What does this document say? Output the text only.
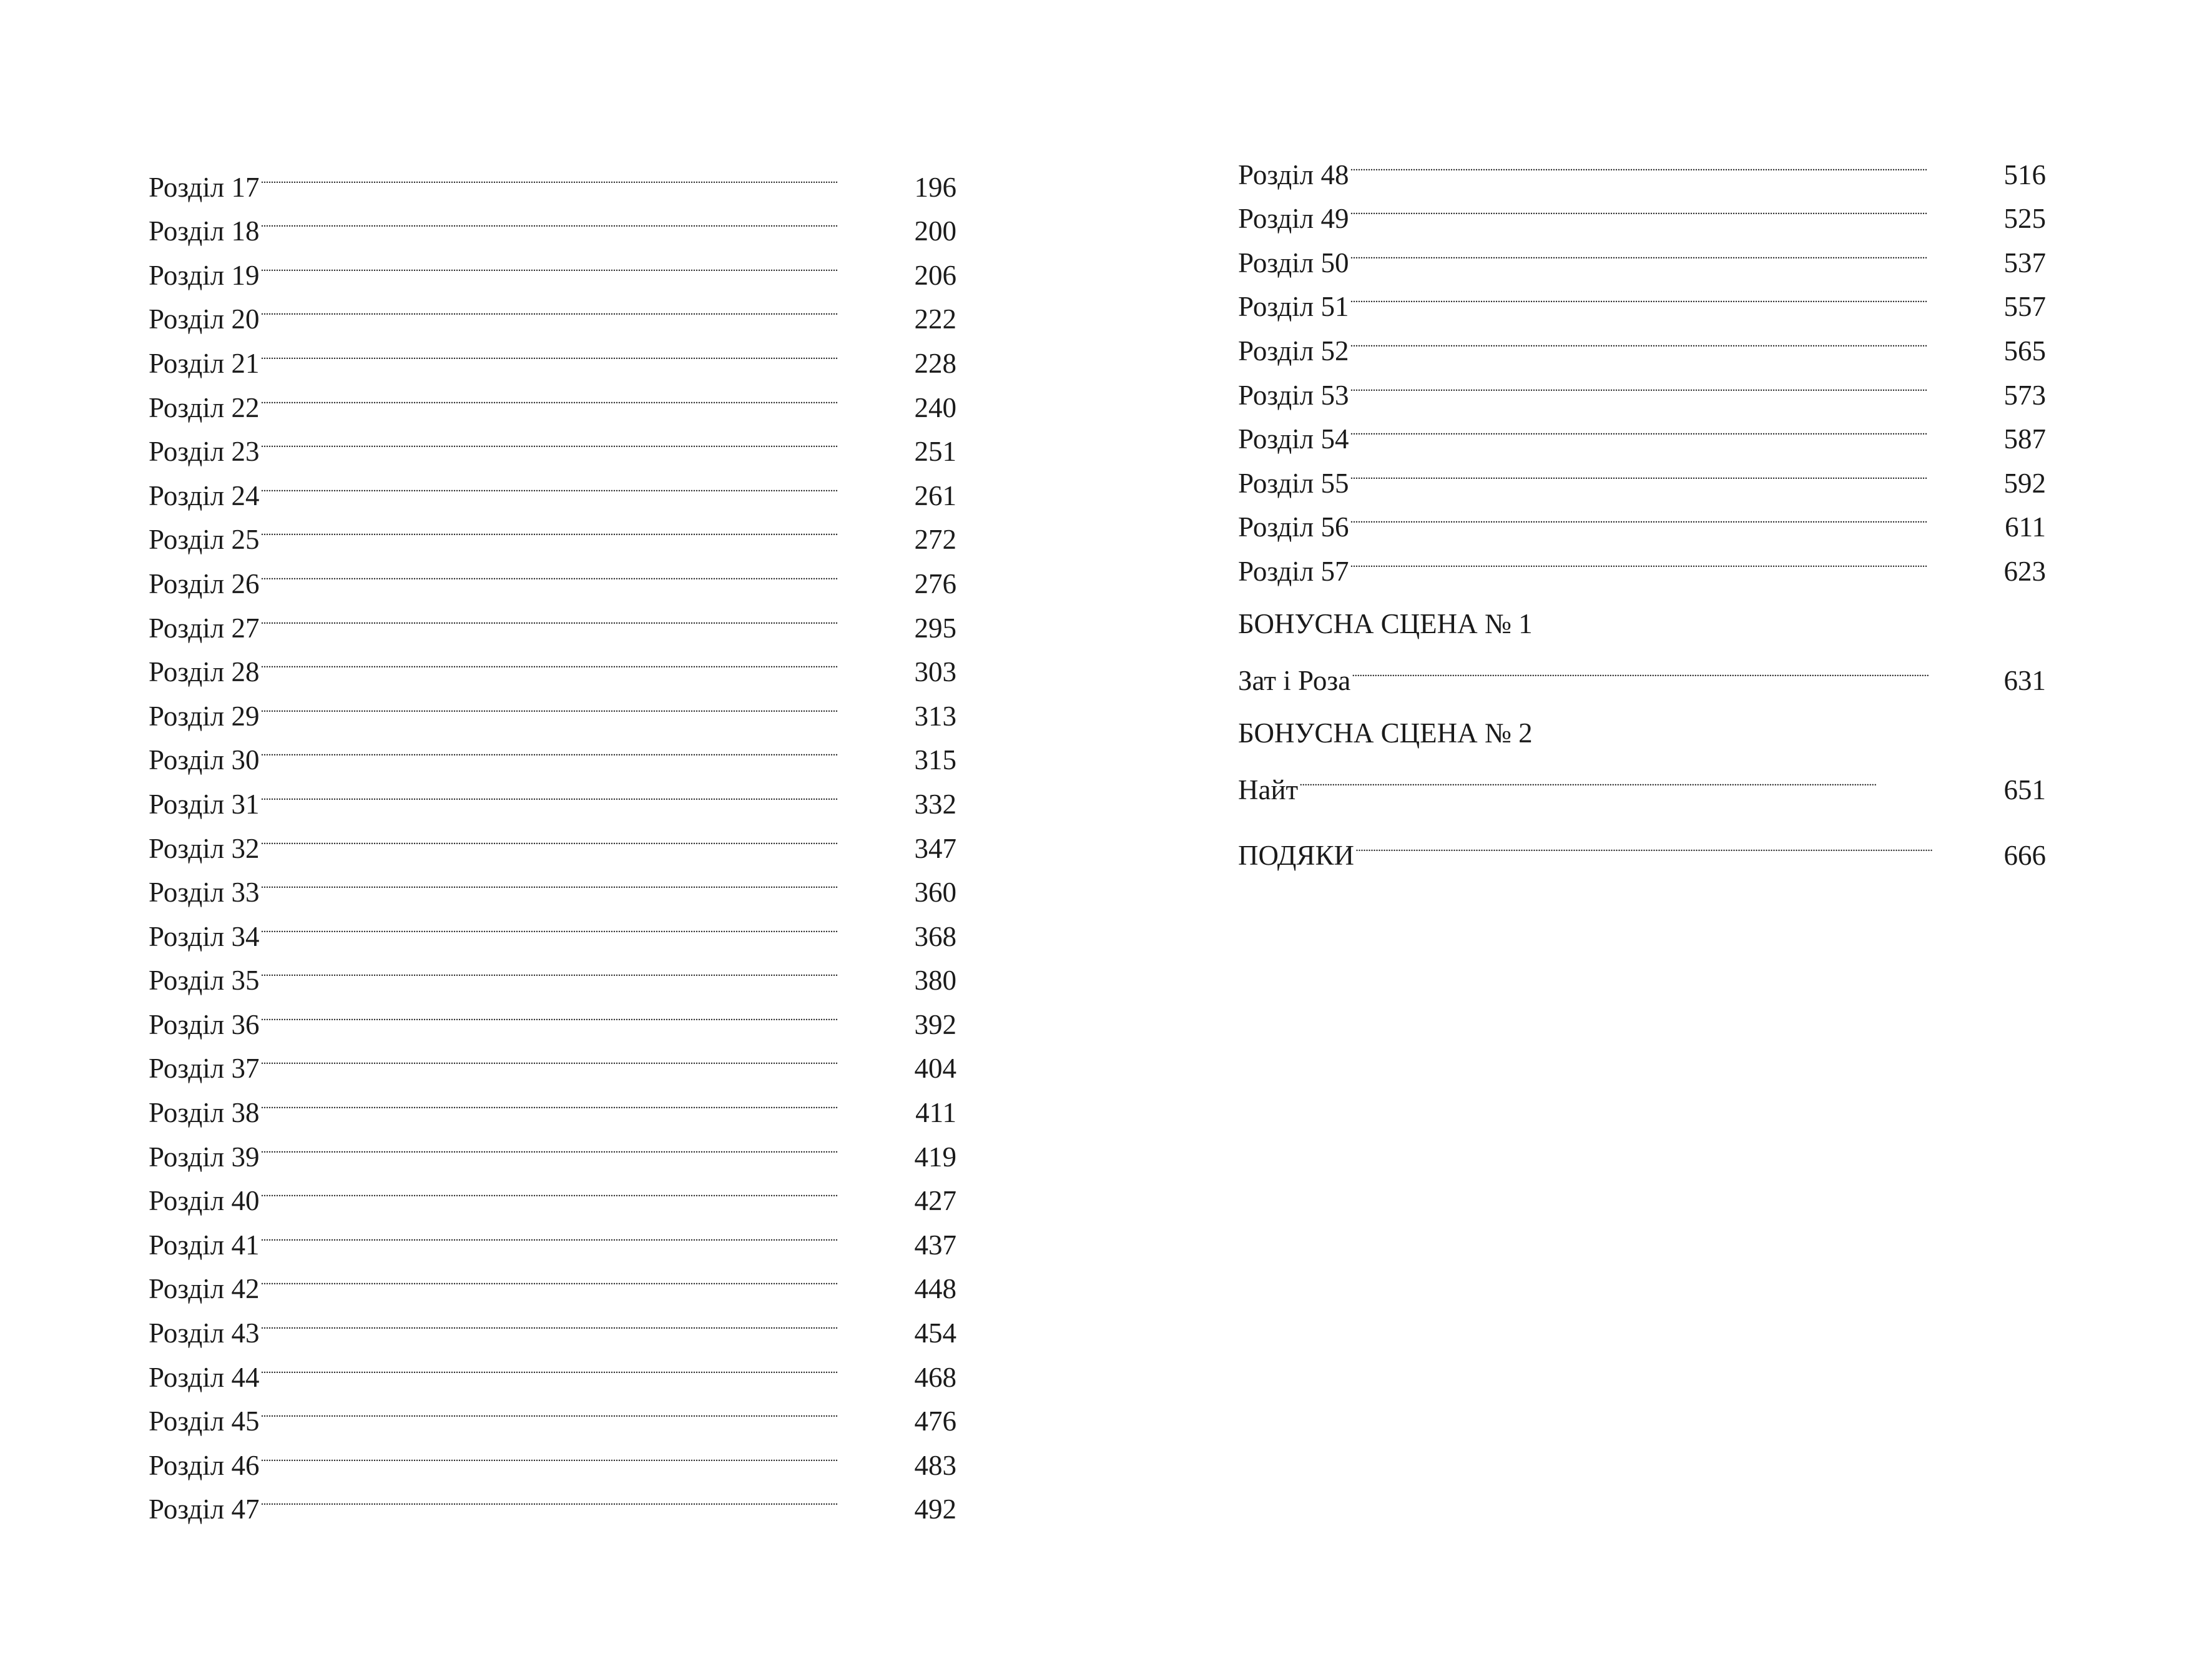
Розділ 17 . . .	196
Розділ 18 . . .	200
Розділ 19 . . .	206
Розділ 20 . . .	222
Розділ 21 . . .	228
Розділ 22 . . .	240
Розділ 23 . . .	251
Розділ 24 . . .	261
Розділ 25 . . .	272
Розділ 26 . . .	276
Розділ 27 . . .	295
Розділ 28 . . .	303
Розділ 29 . . .	313
Розділ 30 . . .	315
Розділ 31 . . .	332
Розділ 32 . . .	347
Розділ 33 . . .	360
Розділ 34 . . .	368
Розділ 35 . . .	380
Розділ 36 . . .	392
Розділ 37 . . .	404
Розділ 38 . . .	411
Розділ 39 . . .	419
Розділ 40 . . .	427
Розділ 41 . . .	437
Розділ 42 . . .	448
Розділ 43 . . .	454
Розділ 44 . . .	468
Розділ 45 . . .	476
Розділ 46 . . .	483
Розділ 47 . . .	492
Розділ 48 . . .	516
Розділ 49 . . .	525
Розділ 50 . . .	537
Розділ 51 . . .	557
Розділ 52 . . .	565
Розділ 53 . . .	573
Розділ 54 . . .	587
Розділ 55 . . .	592
Розділ 56 . . .	611
Розділ 57 . . .	623
БОНУСНА СЦЕНА № 1
Зат і Роза . . .	631
БОНУСНА СЦЕНА № 2
Найт . . .	651
ПОДЯКИ . . .	666
